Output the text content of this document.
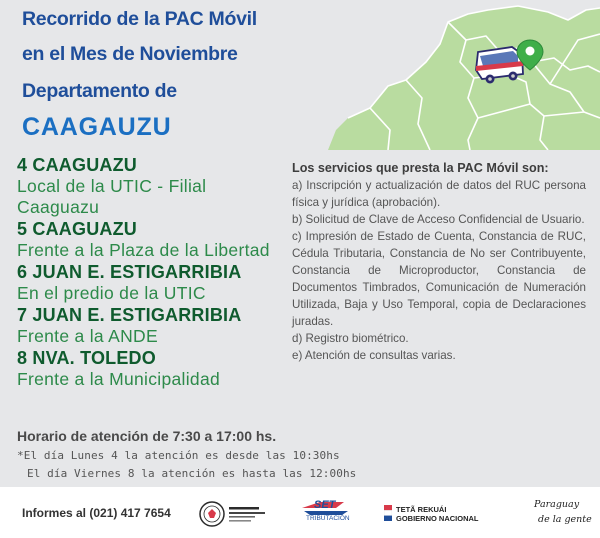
Recorrido de la PAC Móvil
en el Mes de Noviembre
Departamento de
CAAGAUZU
4 CAAGUAZU
Local de la UTIC - Filial Caaguazu
5 CAAGUAZU
Frente a la Plaza de la Libertad
6 JUAN E. ESTIGARRIBIA
En el predio de la UTIC
7 JUAN E. ESTIGARRIBIA
Frente a la ANDE
8 NVA. TOLEDO
Frente a la Municipalidad
Los servicios que presta la PAC Móvil son:
a) Inscripción y actualización de datos del RUC persona física y jurídica (aprobación).
b) Solicitud de Clave de Acceso Confidencial de Usuario.
c) Impresión de Estado de Cuenta, Constancia de RUC, Cédula Tributaria, Constancia de No ser Contribuyente, Constancia de Microproductor, Constancia de Documentos Timbrados, Comunicación de Numeración Utilizada, Baja y Uso Temporal, copia de Declaraciones juradas.
d) Registro biométrico.
e) Atención de consultas varias.
Horario de atención de 7:30 a 17:00 hs.
*El día Lunes 4 la atención es desde las 10:30hs
El día Viernes 8 la atención es hasta las 12:00hs
Informes al (021) 417 7654
SET
TRIBUTACIÓN
TETÃ REKUÁI
GOBIERNO NACIONAL
Paraguay
de la gente
